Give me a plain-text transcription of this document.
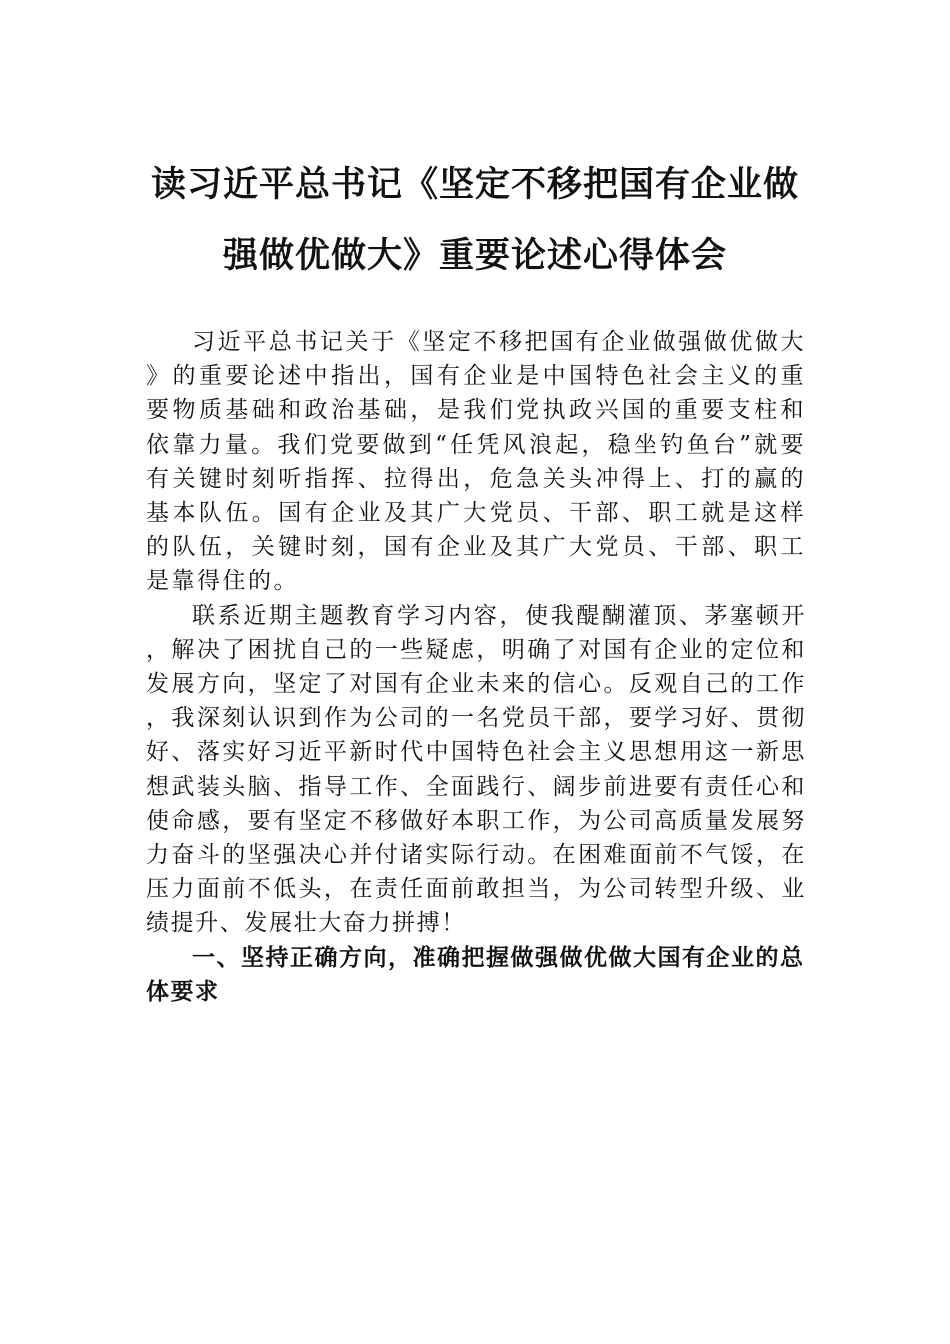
读习近平总书记《坚定不移把国有企业做
强做优做大》重要论述心得体会

习近平总书记关于《坚定不移把国有企业做强做优做大》的重要论述中指出，国有企业是中国特色社会主义的重要物质基础和政治基础，是我们党执政兴国的重要支柱和依靠力量。我们党要做到“任凭风浪起，稳坐钓鱼台”就要有关键时刻听指挥、拉得出，危急关头冲得上、打的赢的基本队伍。国有企业及其广大党员、干部、职工就是这样的队伍，关键时刻，国有企业及其广大党员、干部、职工是靠得住的。

联系近期主题教育学习内容，使我醍醐灌顶、茅塞顿开，解决了困扰自己的一些疑虑，明确了对国有企业的定位和发展方向，坚定了对国有企业未来的信心。反观自己的工作，我深刻认识到作为公司的一名党员干部，要学习好、贯彻好、落实好习近平新时代中国特色社会主义思想用这一新思想武装头脑、指导工作、全面践行、阔步前进要有责任心和使命感，要有坚定不移做好本职工作，为公司高质量发展努力奋斗的坚强决心并付诸实际行动。在困难面前不气馁，在压力面前不低头，在责任面前敢担当，为公司转型升级、业绩提升、发展壮大奋力拼搏！

一、坚持正确方向，准确把握做强做优做大国有企业的总体要求
